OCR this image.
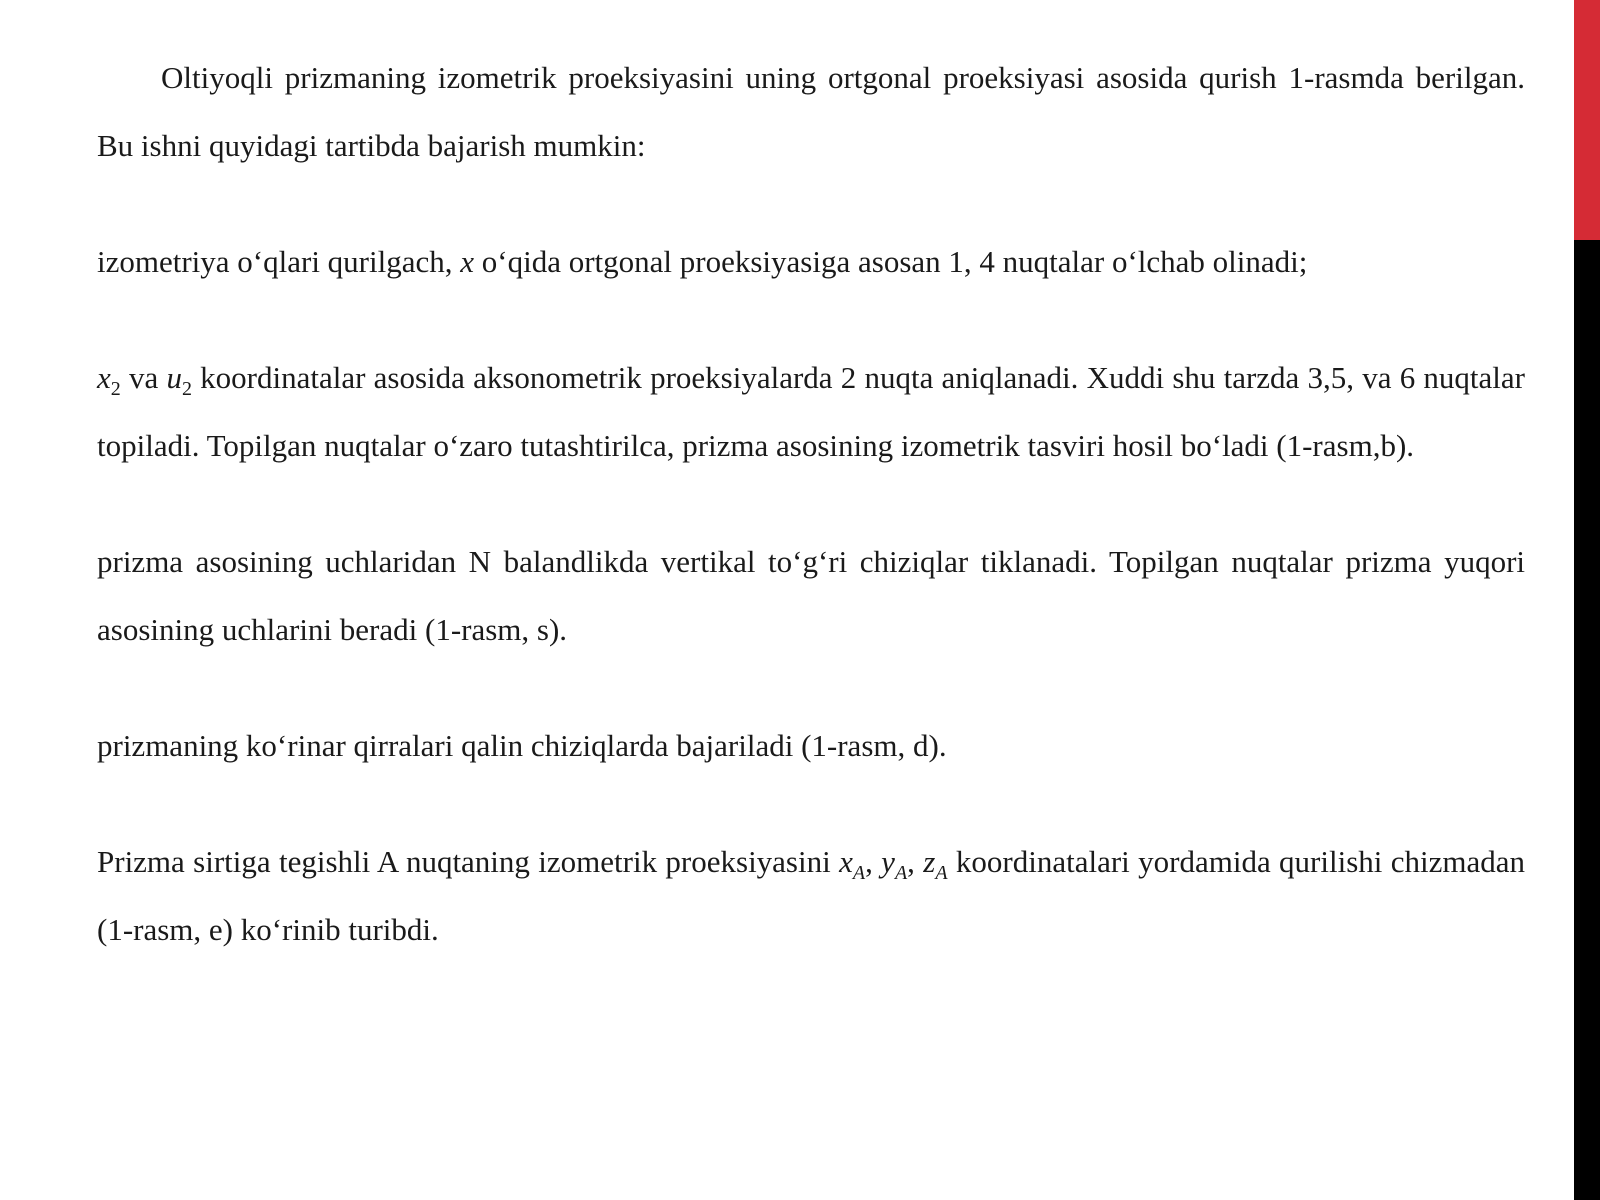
Oltiyoqli prizmaning izometrik proeksiyasini uning ortgonal proeksiyasi asosida qurish 1-rasmda berilgan. Bu ishni quyidagi tartibda bajarish mumkin:

izometriya o‘qlari qurilgach, x o‘qida ortgonal proeksiyasiga asosan 1, 4 nuqtalar o‘lchab olinadi;

$x_2$ va $u_2$ koordinatalar asosida aksonometrik proeksiyalarda 2 nuqta aniqlanadi. Xuddi shu tarzda 3,5, va 6 nuqtalar topiladi. Topilgan nuqtalar o‘zaro tutashtirilca, prizma asosining izometrik tasviri hosil bo‘ladi (1-rasm,b).

prizma asosining uchlaridan N balandlikda vertikal to‘g‘ri chiziqlar tiklanadi. Topilgan nuqtalar prizma yuqori asosining uchlarini beradi (1-rasm, s).

prizmaning ko‘rinar qirralari qalin chiziqlarda bajariladi (1-rasm, d).

Prizma sirtiga tegishli A nuqtaning izometrik proeksiyasini $x_A$, $y_A$, $z_A$ koordinatalari yordamida qurilishi chizmadan (1-rasm, e) ko‘rinib turibdi.
